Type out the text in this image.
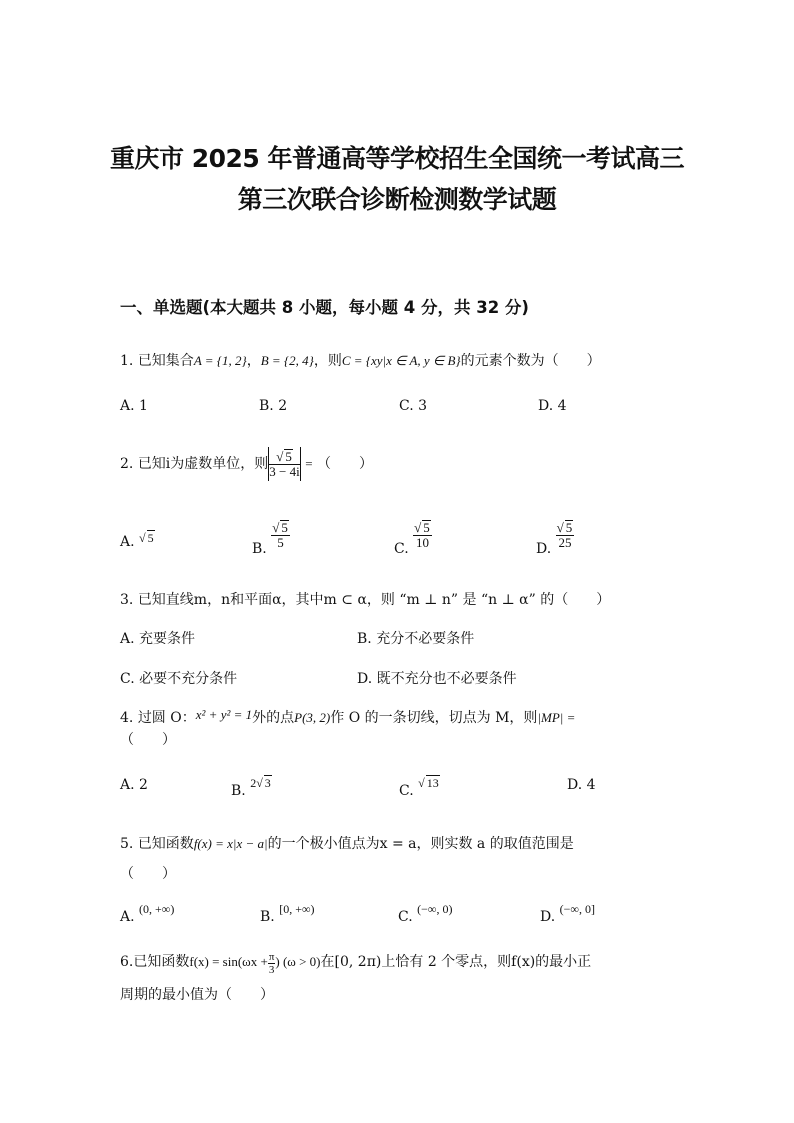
重庆市 2025 年普通高等学校招生全国统一考试高三
第三次联合诊断检测数学试题
一、单选题(本大题共 8 小题，每小题 4 分，共 32 分)
1. 已知集合A = {1, 2}，B = {2, 4}，则C = {xy|x ∈ A, y ∈ B}的元素个数为（　　）
A. 1	B. 2	C. 3	D. 4
2. 已知i为虚数单位，则 $\frac{√ 5}{3 - 4i}$ = （　　）
A. √ 5
B. $\frac{√ 5}{5}$	C. $\frac{√ 5}{10}$	D. $\frac{√ 5}{25}$
3. 已知直线m，n和平面α，其中m ⊂ α，则 “m ⊥ n” 是 “n ⊥ α” 的（　　）
A. 充要条件	B. 充分不必要条件
C. 必要不充分条件	D. 既不充分也不必要条件
4. 过圆 O：x² + y² = 1外的点P(3, 2)作 O 的一条切线，切点为 M，则|MP| =
（　　）
A. 2	B. 2√ 3	C. √ 13	D. 4
5. 已知函数f(x) = x|x − a|的一个极小值点为x = a，则实数 a 的取值范围是
（　　）
A. (0, +∞)	B. [0, +∞)	C. (−∞, 0)	D. (−∞, 0]
6.已知函数$f(x) = \sin(\omega x + \frac{\pi}{3}$ ) (ω > 0)在[0, 2π)上恰有 2 个零点，则f(x)的最小正
周期的最小值为（　　）
